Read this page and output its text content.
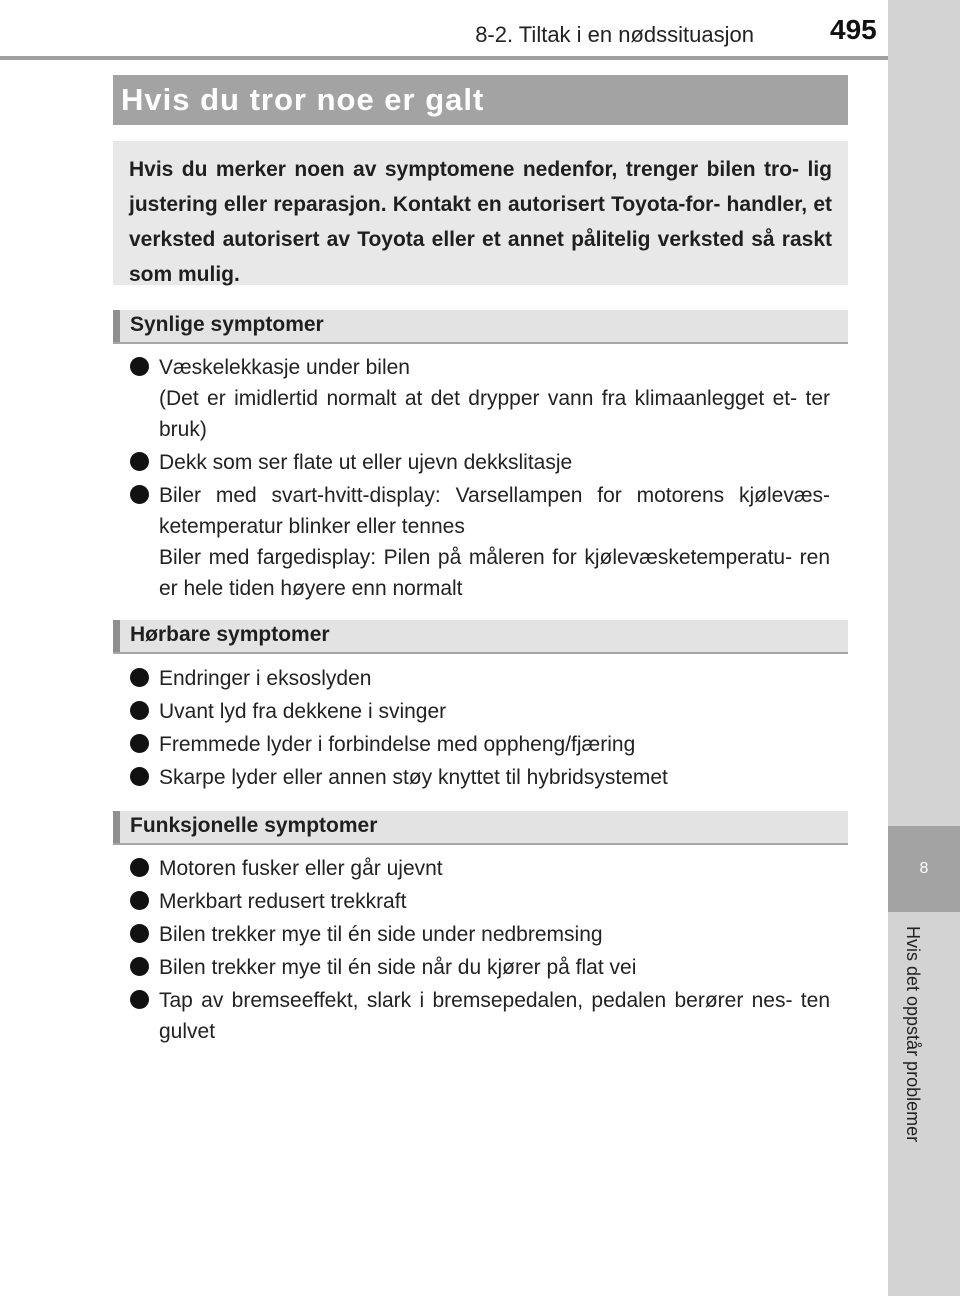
8-2. Tiltak i en nødssituasjon	495
8
Hvis det oppstår problemer
Hvis du tror noe er galt
Hvis du merker noen av symptomene nedenfor, trenger bilen tro- lig justering eller reparasjon. Kontakt en autorisert Toyota-for- handler, et verksted autorisert av Toyota eller et annet pålitelig verksted så raskt som mulig.
Synlige symptomer
Væskelekkasje under bilen
(Det er imidlertid normalt at det drypper vann fra klimaanlegget et- ter bruk)
Dekk som ser flate ut eller ujevn dekkslitasje
Biler med svart-hvitt-display: Varsellampen for motorens kjølevæs- ketemperatur blinker eller tennes
Biler med fargedisplay: Pilen på måleren for kjølevæsketemperatu- ren er hele tiden høyere enn normalt
Hørbare symptomer
Endringer i eksoslyden
Uvant lyd fra dekkene i svinger
Fremmede lyder i forbindelse med oppheng/fjæring
Skarpe lyder eller annen støy knyttet til hybridsystemet
Funksjonelle symptomer
Motoren fusker eller går ujevnt
Merkbart redusert trekkraft
Bilen trekker mye til én side under nedbremsing
Bilen trekker mye til én side når du kjører på flat vei
Tap av bremseeffekt, slark i bremsepedalen, pedalen berører nes- ten gulvet
